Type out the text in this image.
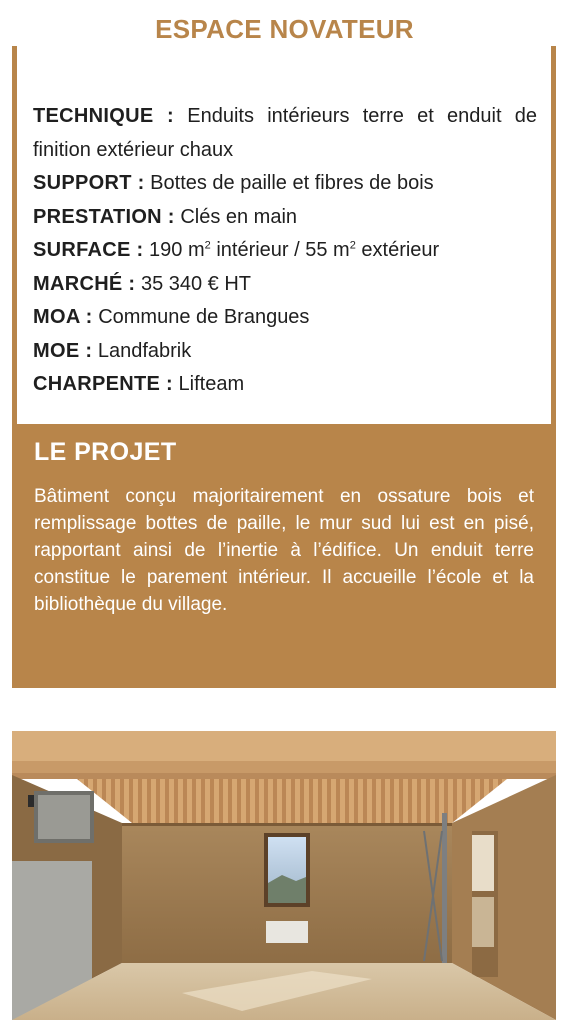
ESPACE NOVATEUR
TECHNIQUE : Enduits intérieurs terre et enduit de finition extérieur chaux
SUPPORT : Bottes de paille et fibres de bois
PRESTATION : Clés en main
SURFACE : 190 $m^2$ intérieur / 55 $m^2$ extérieur
MARCHÉ : 35 340 € HT
MOA : Commune de Brangues
MOE : Landfabrik
CHARPENTE : Lifteam
LE PROJET

Bâtiment conçu majoritairement en ossature bois et remplissage bottes de paille, le mur sud lui est en pisé, rapportant ainsi de l’inertie à l’édifice. Un enduit terre constitue le parement intérieur. Il accueille l’école et la bibliothèque du village.
